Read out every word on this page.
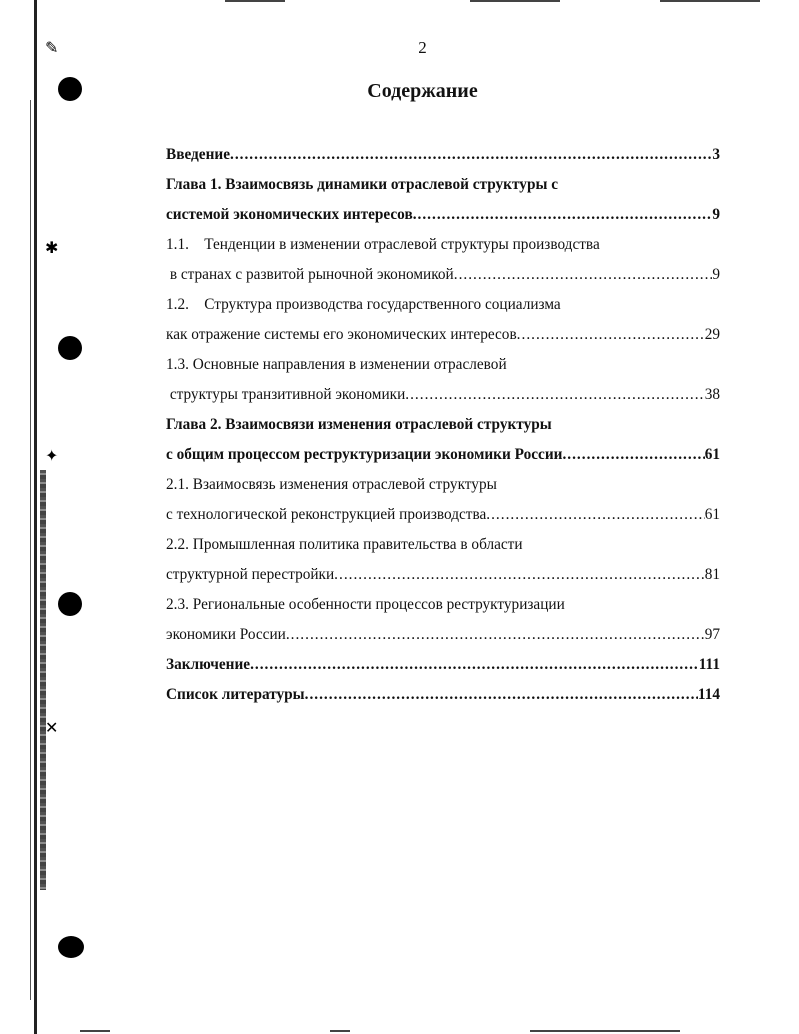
✎
✱
✦
✕
2
Содержание
Введение .....	3
Глава 1. Взаимосвязь динамики отраслевой структуры с
системой экономических интересов .....	9
1.1.    Тенденции в изменении отраслевой структуры производства
в странах с развитой рыночной экономикой .....	9
1.2.    Структура производства государственного социализма
как отражение системы его экономических интересов .....	29
1.3. Основные направления в изменении отраслевой
структуры транзитивной экономики .....	38
Глава 2. Взаимосвязи изменения отраслевой структуры
с общим процессом реструктуризации экономики России .....	61
2.1. Взаимосвязь изменения отраслевой структуры
с технологической реконструкцией производства .....	61
2.2. Промышленная политика правительства в области
структурной перестройки .....	81
2.3. Региональные особенности процессов реструктуризации
экономики России .....	97
Заключение .....	111
Список литературы .....	114
